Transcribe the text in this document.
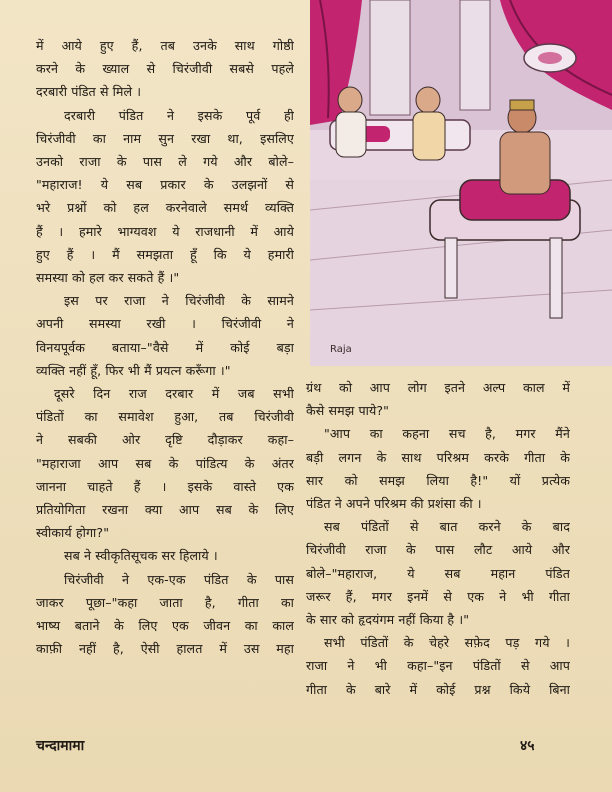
में आये हुए हैं, तब उनके साथ गोष्ठी
करने के ख्याल से चिरंजीवी सबसे पहले
दरबारी पंडित से मिले ।
दरबारी पंडित ने इसके पूर्व ही
चिरंजीवी का नाम सुन रखा था, इसलिए
उनको राजा के पास ले गये और बोले–
"महाराज! ये सब प्रकार के उलझनों से
भरे प्रश्नों को हल करनेवाले समर्थ व्यक्ति
हैं । हमारे भाग्यवश ये राजधानी में आये
हुए हैं । मैं समझता हूँ कि ये हमारी
समस्या को हल कर सकते हैं ।"
इस पर राजा ने चिरंजीवी के सामने
अपनी समस्या रखी । चिरंजीवी ने
विनयपूर्वक बताया–"वैसे में कोई बड़ा
व्यक्ति नहीं हूँ, फिर भी मैं प्रयत्न करूँगा ।"
दूसरे दिन राज दरबार में जब सभी
पंडितों का समावेश हुआ, तब चिरंजीवी
ने सबकी ओर दृष्टि दौड़ाकर कहा–
"महाराजा आप सब के पांडित्य के अंतर
जानना चाहते हैं । इसके वास्ते एक
प्रतियोगिता रखना क्या आप सब के लिए
स्वीकार्य होगा?"
सब ने स्वीकृतिसूचक सर हिलाये ।
चिरंजीवी ने एक-एक पंडित के पास
जाकर पूछा–"कहा जाता है, गीता का
भाष्य बताने के लिए एक जीवन का काल
काफ़ी नहीं है, ऐसी हालत में उस महा
Raja
ग्रंथ को आप लोग इतने अल्प काल में
कैसे समझ पाये?"
"आप का कहना सच है, मगर मैंने
बड़ी लगन के साथ परिश्रम करके गीता के
सार को समझ लिया है!" यों प्रत्येक
पंडित ने अपने परिश्रम की प्रशंसा की ।
सब पंडितों से बात करने के बाद
चिरंजीवी राजा के पास लौट आये और
बोले–"महाराज, ये सब महान पंडित
जरूर हैं, मगर इनमें से एक ने भी गीता
के सार को हृदयंगम नहीं किया है ।"
सभी पंडितों के चेहरे सफ़ेद पड़ गये ।
राजा ने भी कहा–"इन पंडितों से आप
गीता के बारे में कोई प्रश्न किये बिना
चन्दामामा	४५
